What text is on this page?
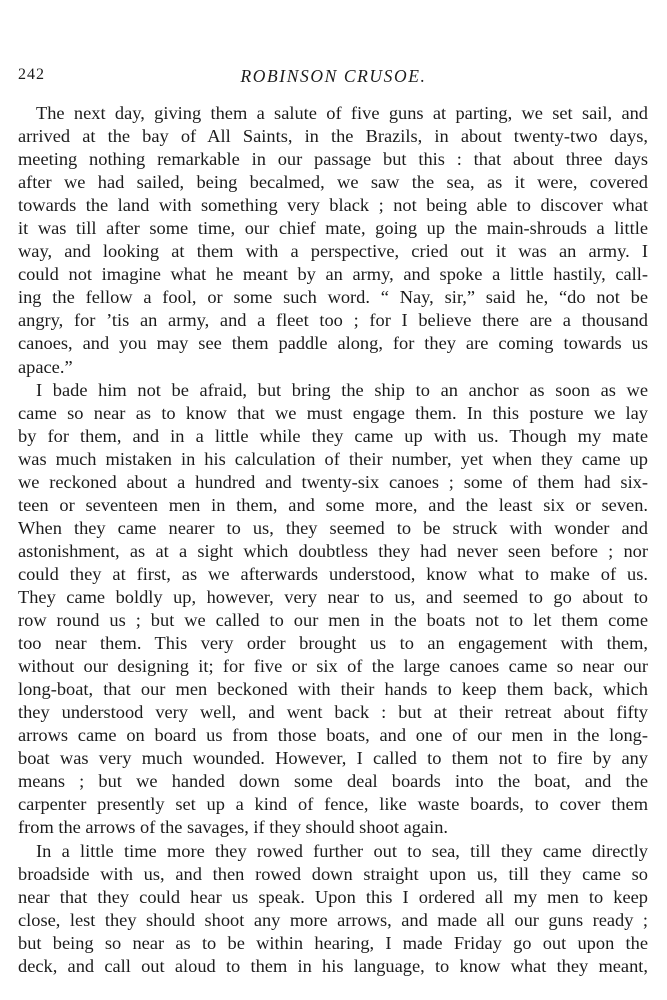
242	ROBINSON CRUSOE.
The next day, giving them a salute of five guns at parting, we set sail, and
arrived at the bay of All Saints, in the Brazils, in about twenty-two days,
meeting nothing remarkable in our passage but this : that about three days
after we had sailed, being becalmed, we saw the sea, as it were, covered
towards the land with something very black ; not being able to discover what
it was till after some time, our chief mate, going up the main-shrouds a little
way, and looking at them with a perspective, cried out it was an army. I
could not imagine what he meant by an army, and spoke a little hastily, call-
ing the fellow a fool, or some such word. “ Nay, sir,” said he, “do not be
angry, for ’tis an army, and a fleet too ; for I believe there are a thousand
canoes, and you may see them paddle along, for they are coming towards us
apace.”
I bade him not be afraid, but bring the ship to an anchor as soon as we
came so near as to know that we must engage them. In this posture we lay
by for them, and in a little while they came up with us. Though my mate
was much mistaken in his calculation of their number, yet when they came up
we reckoned about a hundred and twenty-six canoes ; some of them had six-
teen or seventeen men in them, and some more, and the least six or seven.
When they came nearer to us, they seemed to be struck with wonder and
astonishment, as at a sight which doubtless they had never seen before ; nor
could they at first, as we afterwards understood, know what to make of us.
They came boldly up, however, very near to us, and seemed to go about to
row round us ; but we called to our men in the boats not to let them come
too near them. This very order brought us to an engagement with them,
without our designing it; for five or six of the large canoes came so near our
long-boat, that our men beckoned with their hands to keep them back, which
they understood very well, and went back : but at their retreat about fifty
arrows came on board us from those boats, and one of our men in the long-
boat was very much wounded. However, I called to them not to fire by any
means ; but we handed down some deal boards into the boat, and the
carpenter presently set up a kind of fence, like waste boards, to cover them
from the arrows of the savages, if they should shoot again.
In a little time more they rowed further out to sea, till they came directly
broadside with us, and then rowed down straight upon us, till they came so
near that they could hear us speak. Upon this I ordered all my men to keep
close, lest they should shoot any more arrows, and made all our guns ready ;
but being so near as to be within hearing, I made Friday go out upon the
deck, and call out aloud to them in his language, to know what they meant,
